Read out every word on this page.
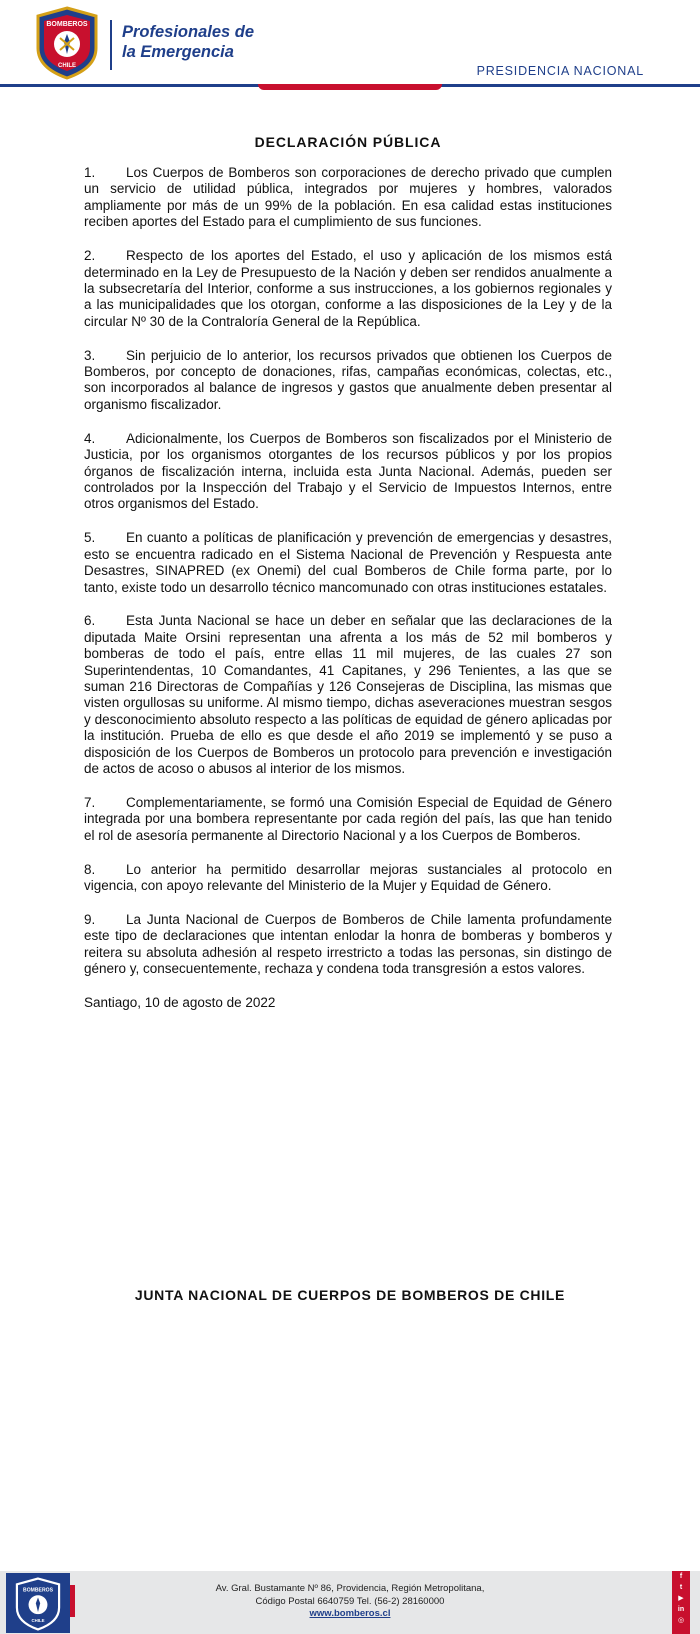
BOMBEROS
CHILE

Profesionales de
la Emergencia

PRESIDENCIA NACIONAL
DECLARACIÓN PÚBLICA

1. Los Cuerpos de Bomberos son corporaciones de derecho privado que cumplen un servicio de utilidad pública, integrados por mujeres y hombres, valorados ampliamente por más de un 99% de la población. En esa calidad estas instituciones reciben aportes del Estado para el cumplimiento de sus funciones.

2. Respecto de los aportes del Estado, el uso y aplicación de los mismos está determinado en la Ley de Presupuesto de la Nación y deben ser rendidos anualmente a la subsecretaría del Interior, conforme a sus instrucciones, a los gobiernos regionales y a las municipalidades que los otorgan, conforme a las disposiciones de la Ley y de la circular Nº 30 de la Contraloría General de la República.

3. Sin perjuicio de lo anterior, los recursos privados que obtienen los Cuerpos de Bomberos, por concepto de donaciones, rifas, campañas económicas, colectas, etc., son incorporados al balance de ingresos y gastos que anualmente deben presentar al organismo fiscalizador.

4. Adicionalmente, los Cuerpos de Bomberos son fiscalizados por el Ministerio de Justicia, por los organismos otorgantes de los recursos públicos y por los propios órganos de fiscalización interna, incluida esta Junta Nacional. Además, pueden ser controlados por la Inspección del Trabajo y el Servicio de Impuestos Internos, entre otros organismos del Estado.

5. En cuanto a políticas de planificación y prevención de emergencias y desastres, esto se encuentra radicado en el Sistema Nacional de Prevención y Respuesta ante Desastres, SINAPRED (ex Onemi) del cual Bomberos de Chile forma parte, por lo tanto, existe todo un desarrollo técnico mancomunado con otras instituciones estatales.

6. Esta Junta Nacional se hace un deber en señalar que las declaraciones de la diputada Maite Orsini representan una afrenta a los más de 52 mil bomberos y bomberas de todo el país, entre ellas 11 mil mujeres, de las cuales 27 son Superintendentas, 10 Comandantes, 41 Capitanes, y 296 Tenientes, a las que se suman 216 Directoras de Compañías y 126 Consejeras de Disciplina, las mismas que visten orgullosas su uniforme. Al mismo tiempo, dichas aseveraciones muestran sesgos y desconocimiento absoluto respecto a las políticas de equidad de género aplicadas por la institución. Prueba de ello es que desde el año 2019 se implementó y se puso a disposición de los Cuerpos de Bomberos un protocolo para prevención e investigación de actos de acoso o abusos al interior de los mismos.

7. Complementariamente, se formó una Comisión Especial de Equidad de Género integrada por una bombera representante por cada región del país, las que han tenido el rol de asesoría permanente al Directorio Nacional y a los Cuerpos de Bomberos.

8. Lo anterior ha permitido desarrollar mejoras sustanciales al protocolo en vigencia, con apoyo relevante del Ministerio de la Mujer y Equidad de Género.

9. La Junta Nacional de Cuerpos de Bomberos de Chile lamenta profundamente este tipo de declaraciones que intentan enlodar la honra de bomberas y bomberos y reitera su absoluta adhesión al respeto irrestricto a todas las personas, sin distingo de género y, consecuentemente, rechaza y condena toda transgresión a estos valores.

Santiago, 10 de agosto de 2022

JUNTA NACIONAL DE CUERPOS DE BOMBEROS DE CHILE
BOMBEROS
CHILE
Av. Gral. Bustamante Nº 86, Providencia, Región Metropolitana,
Código Postal 6640759 Tel. (56-2) 28160000
www.bomberos.cl
f
t
▶
in
◎
